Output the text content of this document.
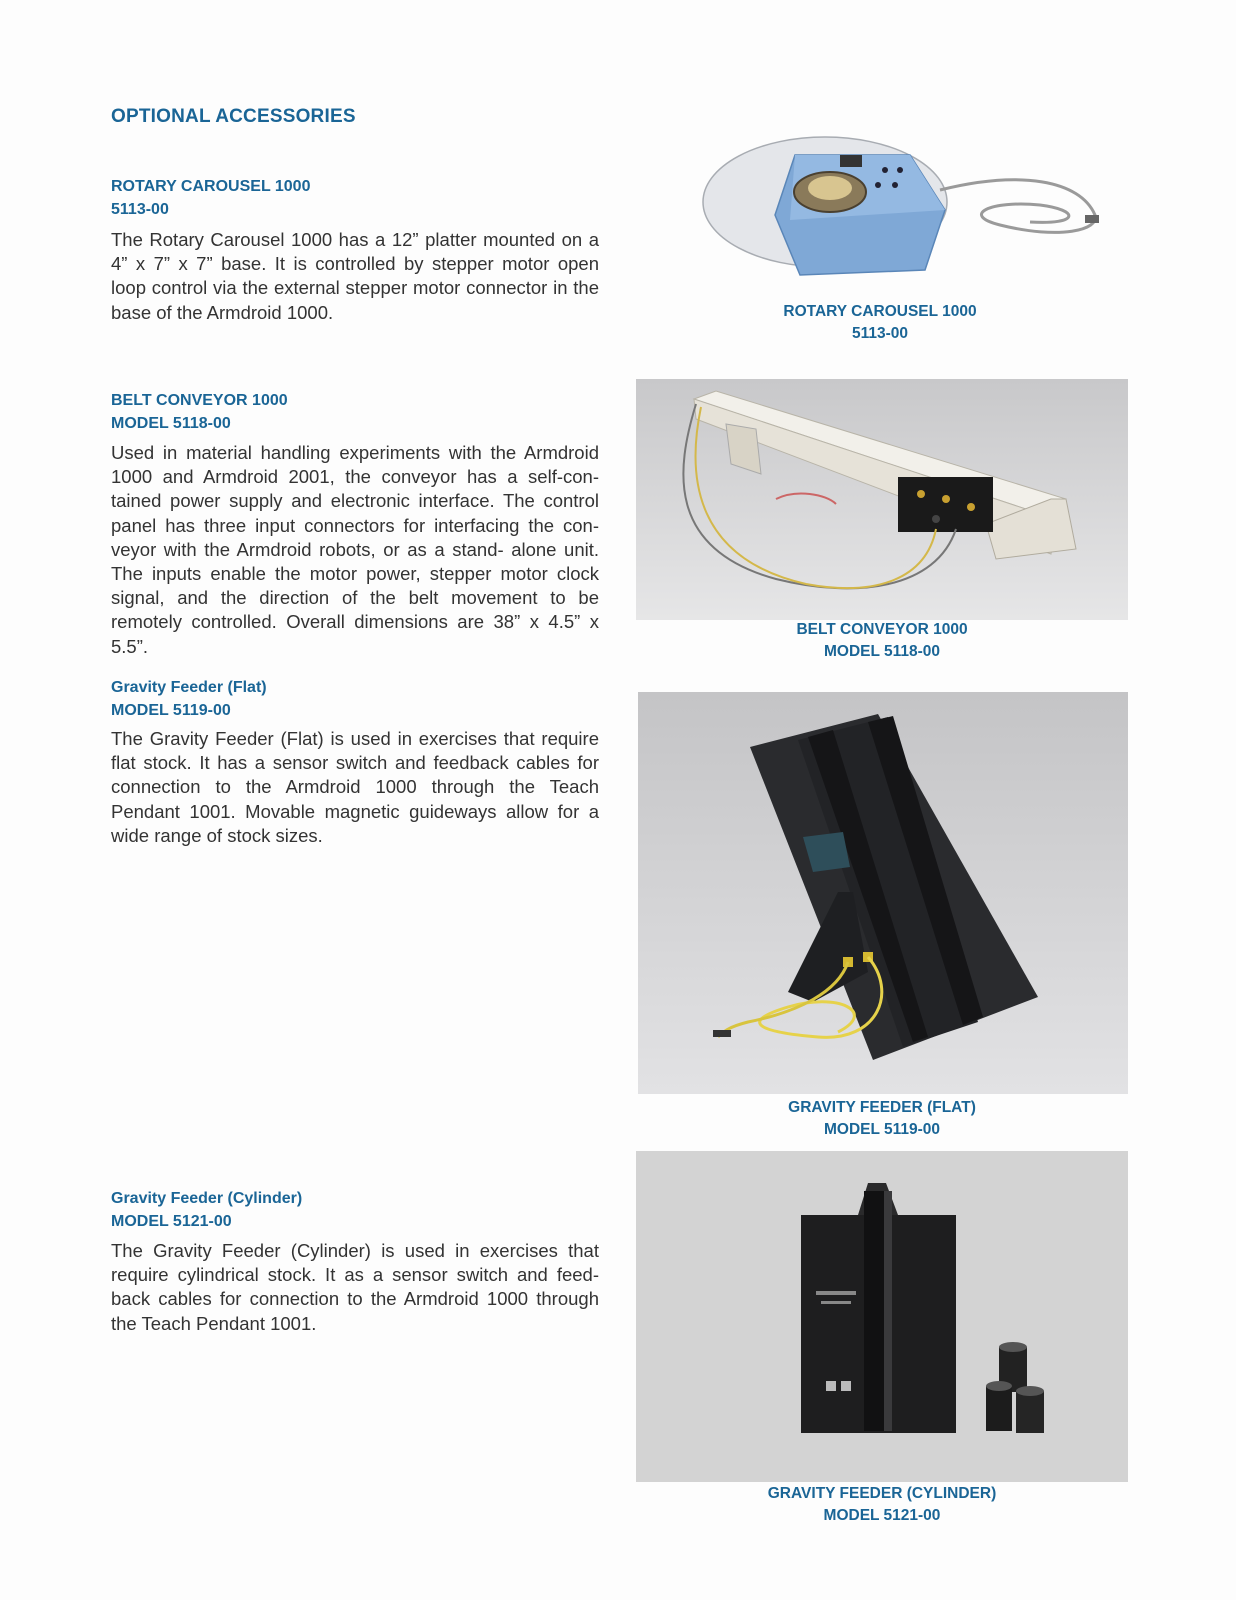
OPTIONAL ACCESSORIES
ROTARY CAROUSEL 1000
5113-00
The Rotary Carousel 1000 has a 12” platter mounted on a 4” x 7” x 7” base. It is controlled by stepper motor open loop control via the external stepper motor connector in the base of the Armdroid 1000.	ROTARY CAROUSEL 1000
5113-00
BELT CONVEYOR 1000
MODEL 5118-00
Used in material handling experiments with the Armdroid 1000 and Armdroid 2001, the conveyor has a self-con- tained power supply and electronic interface. The control panel has three input connectors for interfacing the con- veyor with the Armdroid robots, or as a stand- alone unit. The inputs enable the motor power, stepper motor clock signal, and the direction of the belt movement to be remotely controlled. Overall dimensions are 38” x 4.5” x 5.5”.
BELT CONVEYOR 1000
MODEL 5118-00
Gravity Feeder (Flat)
MODEL 5119-00
The Gravity Feeder (Flat) is used in exercises that require flat stock. It has a sensor switch and feedback cables for connection to the Armdroid 1000 through the Teach Pendant 1001. Movable magnetic guideways allow for a wide range of stock sizes.
GRAVITY FEEDER (FLAT)
MODEL 5119-00
Gravity Feeder (Cylinder)
MODEL 5121-00
The Gravity Feeder (Cylinder) is used in exercises that require cylindrical stock. It as a sensor switch and feed- back cables for connection to the Armdroid 1000 through the Teach Pendant 1001.
GRAVITY FEEDER (CYLINDER)
MODEL 5121-00
